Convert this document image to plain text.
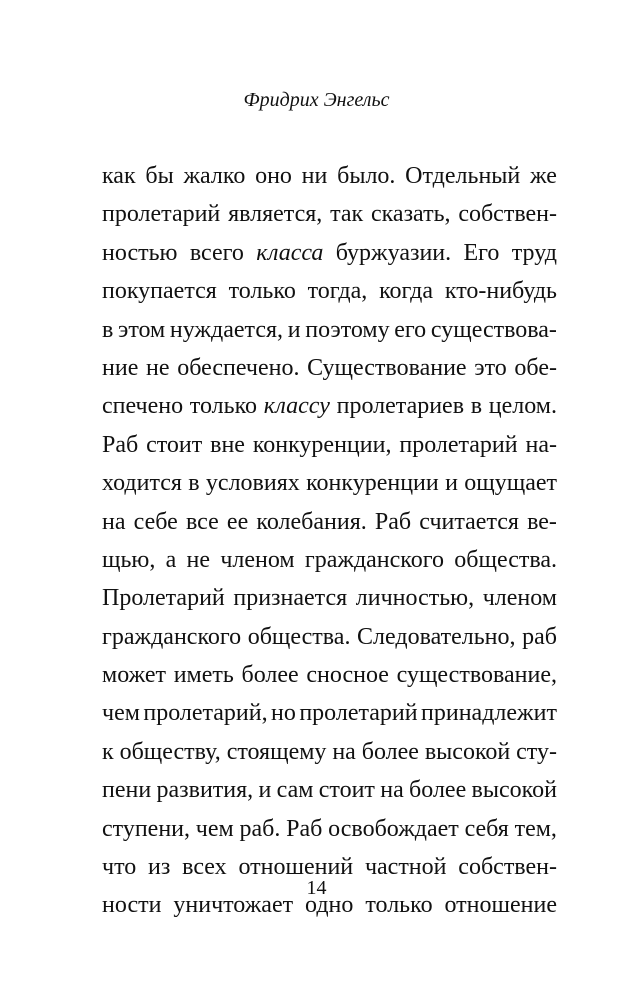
Фридрих Энгельс
как бы жалко оно ни было. Отдельный же
пролетарий является, так сказать, собствен-
ностью всего класса буржуазии. Его труд
покупается только тогда, когда кто-нибудь
в этом нуждается, и поэтому его существова-
ние не обеспечено. Существование это обе-
спечено только классу пролетариев в целом.
Раб стоит вне конкуренции, пролетарий на-
ходится в условиях конкуренции и ощущает
на себе все ее колебания. Раб считается ве-
щью, а не членом гражданского общества.
Пролетарий признается личностью, членом
гражданского общества. Следовательно, раб
может иметь более сносное существование,
чем пролетарий, но пролетарий принадлежит
к обществу, стоящему на более высокой сту-
пени развития, и сам стоит на более высокой
ступени, чем раб. Раб освобождает себя тем,
что из всех отношений частной собствен-
ности уничтожает одно только отношение
14
